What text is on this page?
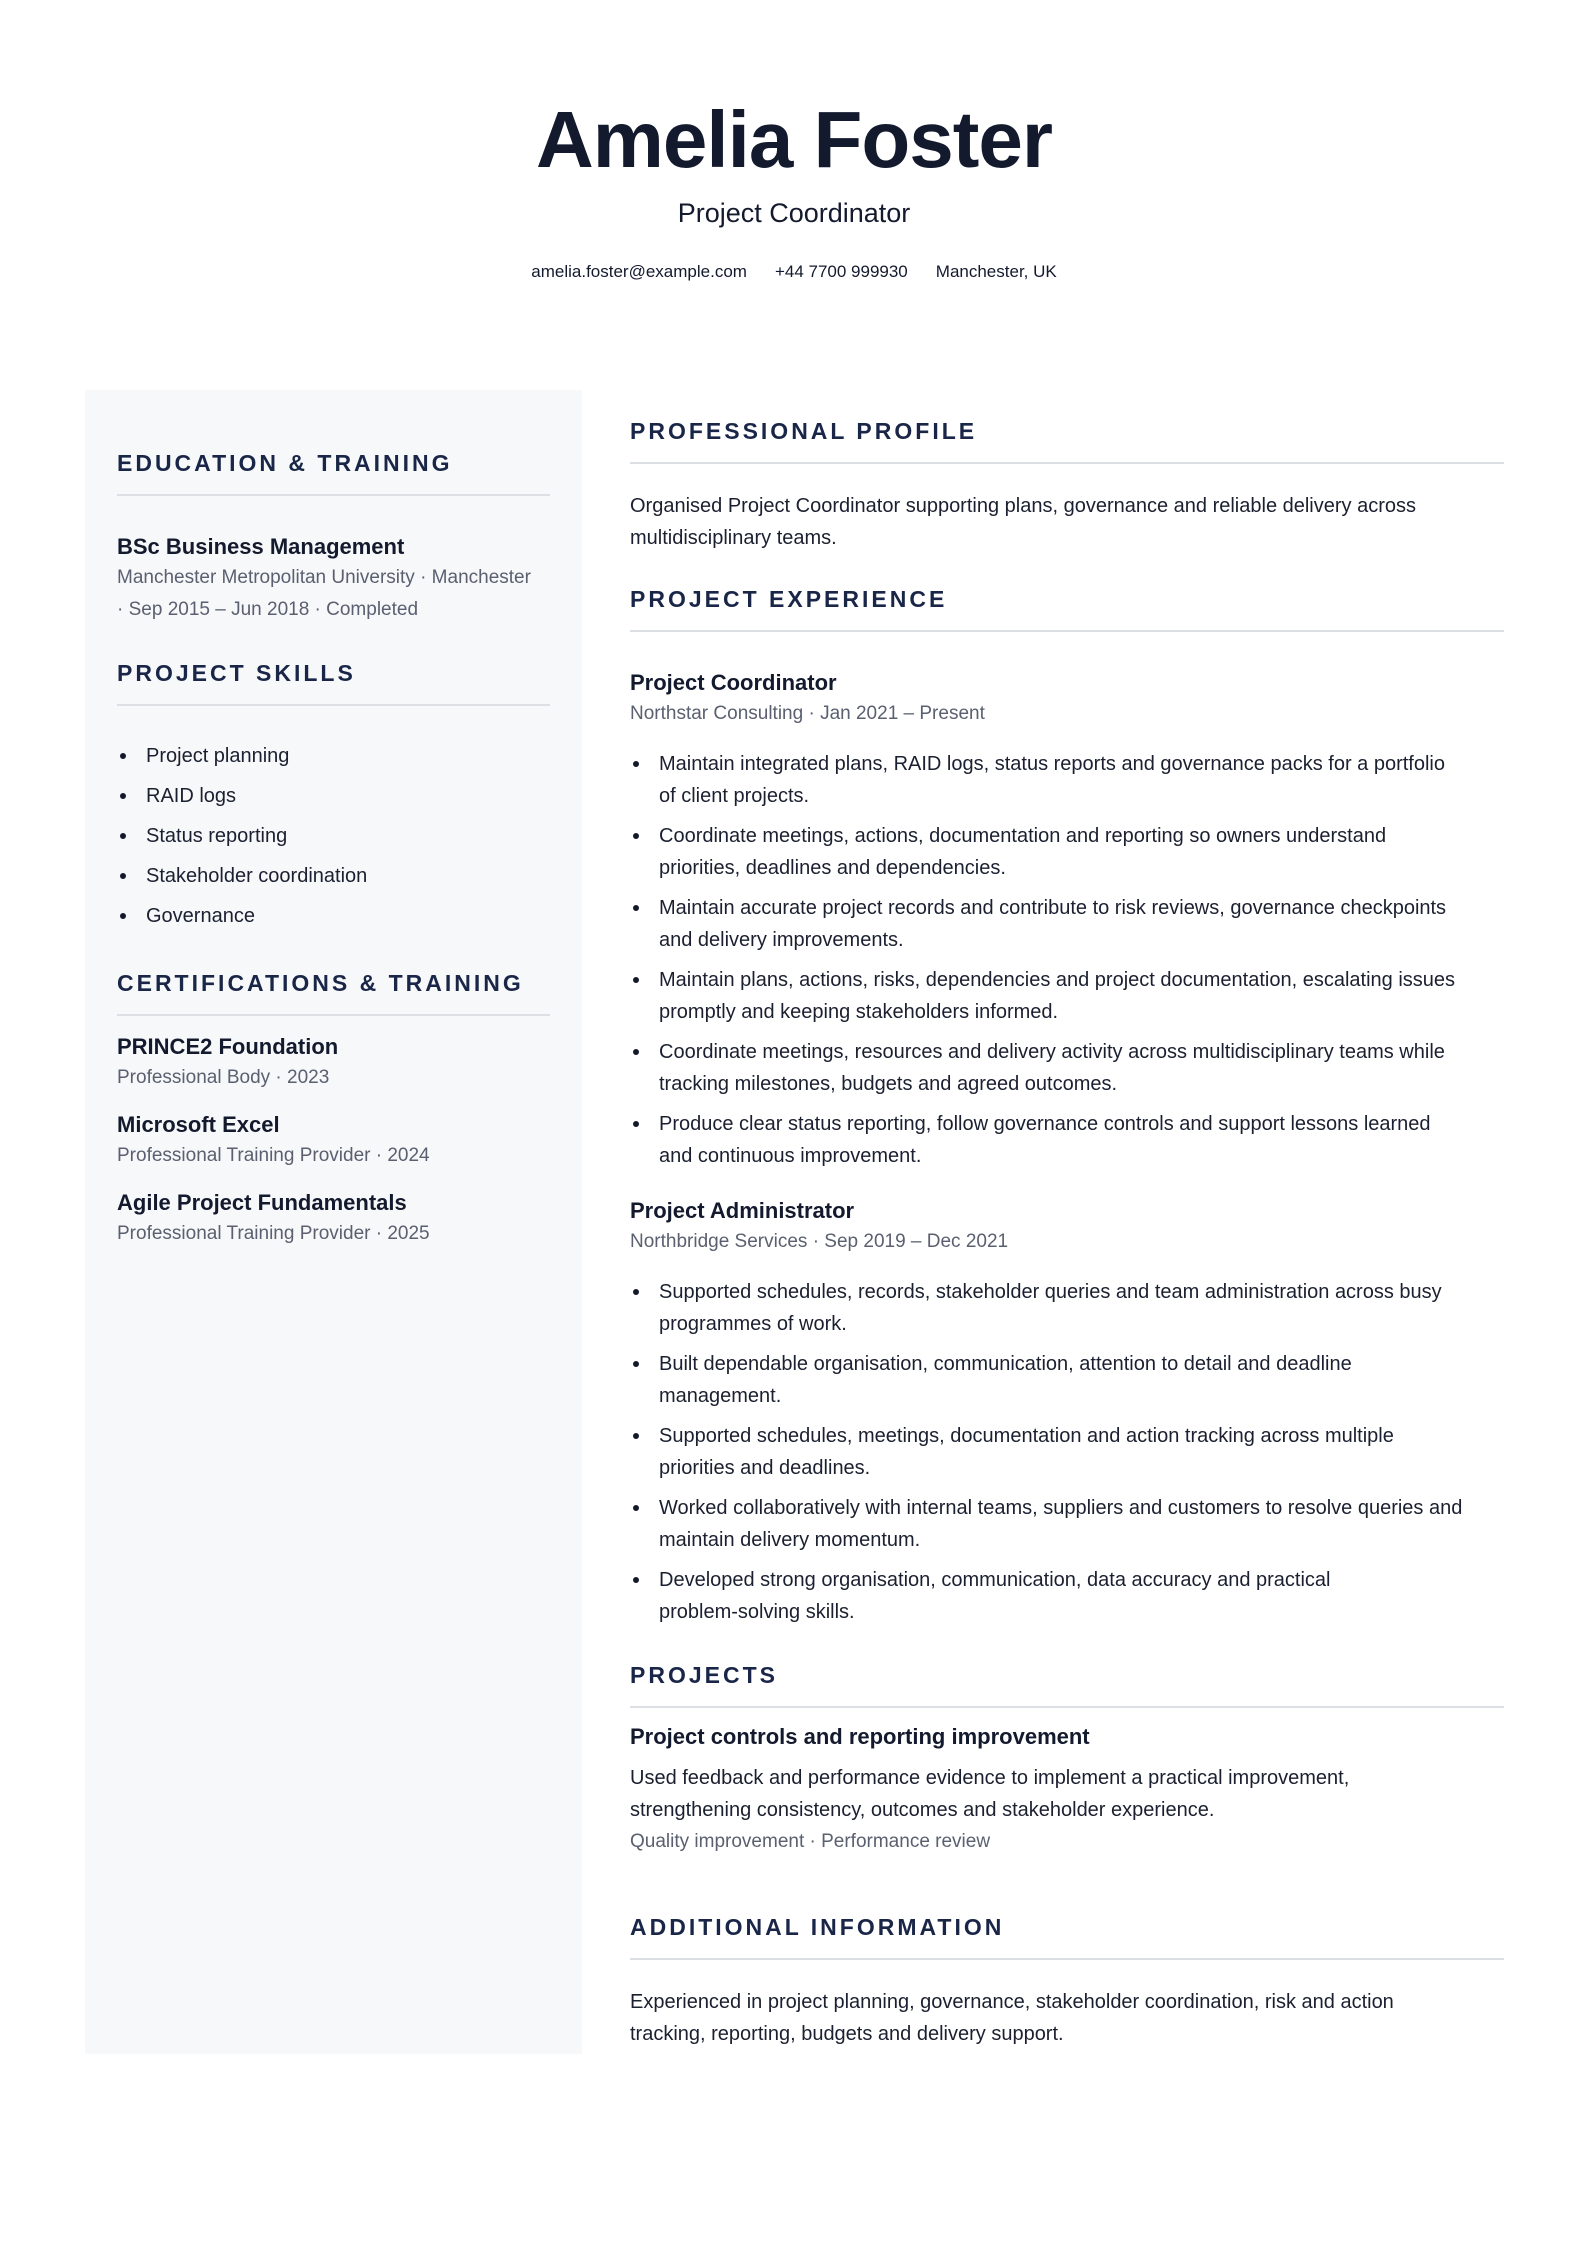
Amelia Foster
Project Coordinator
amelia.foster@example.com +44 7700 999930 Manchester, UK
EDUCATION & TRAINING
BSc Business Management
Manchester Metropolitan University · Manchester
· Sep 2015 – Jun 2018 · Completed
PROJECT SKILLS
Project planning
RAID logs
Status reporting
Stakeholder coordination
Governance
CERTIFICATIONS & TRAINING
PRINCE2 Foundation
Professional Body · 2023
Microsoft Excel
Professional Training Provider · 2024
Agile Project Fundamentals
Professional Training Provider · 2025
PROFESSIONAL PROFILE
Organised Project Coordinator supporting plans, governance and reliable delivery across
multidisciplinary teams.
PROJECT EXPERIENCE
Project Coordinator
Northstar Consulting · Jan 2021 – Present
Maintain integrated plans, RAID logs, status reports and governance packs for a portfolio
of client projects.
Coordinate meetings, actions, documentation and reporting so owners understand
priorities, deadlines and dependencies.
Maintain accurate project records and contribute to risk reviews, governance checkpoints
and delivery improvements.
Maintain plans, actions, risks, dependencies and project documentation, escalating issues
promptly and keeping stakeholders informed.
Coordinate meetings, resources and delivery activity across multidisciplinary teams while
tracking milestones, budgets and agreed outcomes.
Produce clear status reporting, follow governance controls and support lessons learned
and continuous improvement.
Project Administrator
Northbridge Services · Sep 2019 – Dec 2021
Supported schedules, records, stakeholder queries and team administration across busy
programmes of work.
Built dependable organisation, communication, attention to detail and deadline
management.
Supported schedules, meetings, documentation and action tracking across multiple
priorities and deadlines.
Worked collaboratively with internal teams, suppliers and customers to resolve queries and
maintain delivery momentum.
Developed strong organisation, communication, data accuracy and practical
problem-solving skills.
PROJECTS
Project controls and reporting improvement
Used feedback and performance evidence to implement a practical improvement,
strengthening consistency, outcomes and stakeholder experience.
Quality improvement · Performance review
ADDITIONAL INFORMATION
Experienced in project planning, governance, stakeholder coordination, risk and action
tracking, reporting, budgets and delivery support.
